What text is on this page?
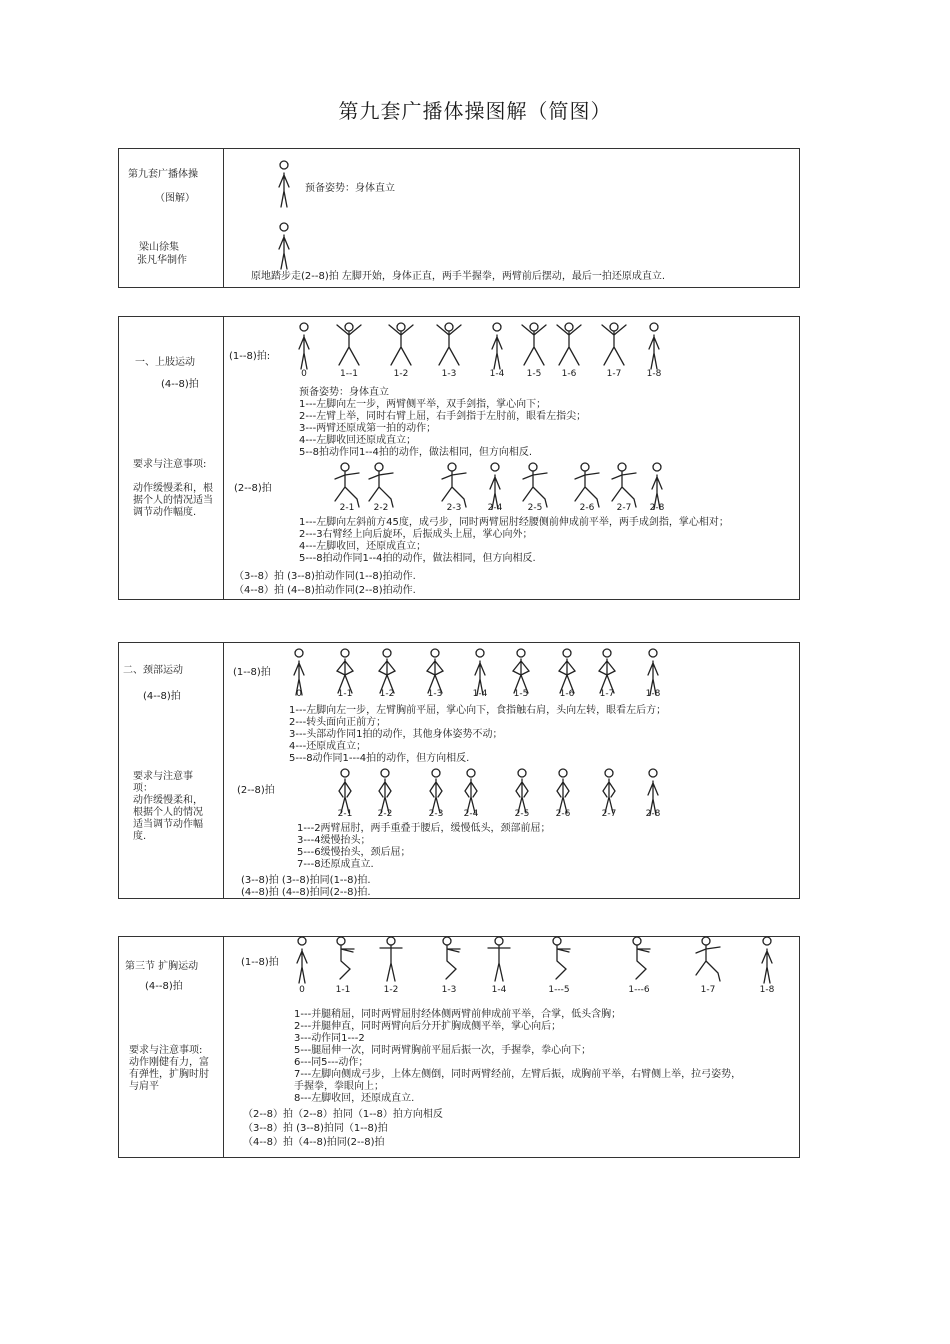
第九套广播体操图解（简图）
第九套广播体操
（图解）
梁山徐集
张凡华制作
预备姿势：身体直立
原地踏步走(2--8)拍 左脚开始，身体正直，两手半握拳，两臂前后摆动，最后一拍还原成直立.
一、上肢运动
(4--8)拍
要求与注意事项:
动作缓慢柔和，根据个人的情况适当调节动作幅度.
(1--8)拍:
0	1--1	1-2	1-3	1-4	1-5	1-6	1-7	1-8
预备姿势：身体直立
1---左脚向左一步，两臂侧平举，双手剑指，掌心向下；
2---左臂上举，同时右臂上屈，右手剑指于左肘前，眼看左指尖；
3---两臂还原成第一拍的动作；
4---左脚收回还原成直立；
5--8拍动作同1--4拍的动作，做法相同，但方向相反.
(2--8)拍
2-1	2-2	2-3	2-4	2-5	2-6	2-7	2-8
1---左脚向左斜前方45度，成弓步，同时两臂屈肘经腰侧前伸成前平举，两手成剑指，掌心相对；
2---3右臂经上向后旋环，后振成头上屈，掌心向外；
4---左脚收回，还原成直立；
5---8拍动作同1--4拍的动作，做法相同，但方向相反.
（3--8）拍 (3--8)拍动作同(1--8)拍动作.
（4--8）拍 (4--8)拍动作同(2--8)拍动作.
二、颈部运动
(4--8)拍
要求与注意事项：
动作缓慢柔和，根据个人的情况适当调节动作幅度.
(1--8)拍
0	1-1	1-2	1-3	1-4	1-5	1-6	1-7	1-8
1---左脚向左一步，左臂胸前平屈，掌心向下，食指触右肩，头向左转，眼看左后方；
2---转头面向正前方；
3---头部动作同1拍的动作，其他身体姿势不动；
4---还原成直立；
5---8动作同1---4拍的动作，但方向相反.
(2--8)拍
2-1	2-2	2-3	2-4	2-5	2-6	2-7	2-8
1---2两臂屈肘，两手重叠于腰后，缓慢低头，颈部前屈；
3---4缓慢抬头；
5---6缓慢抬头，颈后屈；
7---8还原成直立.
(3--8)拍 (3--8)拍同(1--8)拍.
(4--8)拍 (4--8)拍同(2--8)拍.
第三节 扩胸运动
(4--8)拍
要求与注意事项:
动作刚健有力，富有弹性，扩胸时肘与肩平
(1--8)拍
0	1-1	1-2	1-3	1-4	1---5	1---6	1-7	1-8
1---并腿稍屈，同时两臂屈肘经体侧两臂前伸成前平举，合掌，低头含胸；
2---并腿伸直，同时两臂向后分开扩胸成侧平举，掌心向后；
3---动作同1---2
5---腿屈伸一次，同时两臂胸前平屈后振一次，手握拳，拳心向下；
6---同5---动作；
7---左脚向侧成弓步，上体左侧倒，同时两臂经前，左臂后振，成胸前平举，右臂侧上举，拉弓姿势，
手握拳，拳眼向上；
8---左脚收回，还原成直立.
（2--8）拍（2--8）拍同（1--8）拍方向相反
（3--8）拍 (3--8)拍同（1--8)拍
（4--8）拍（4--8)拍同(2--8)拍
